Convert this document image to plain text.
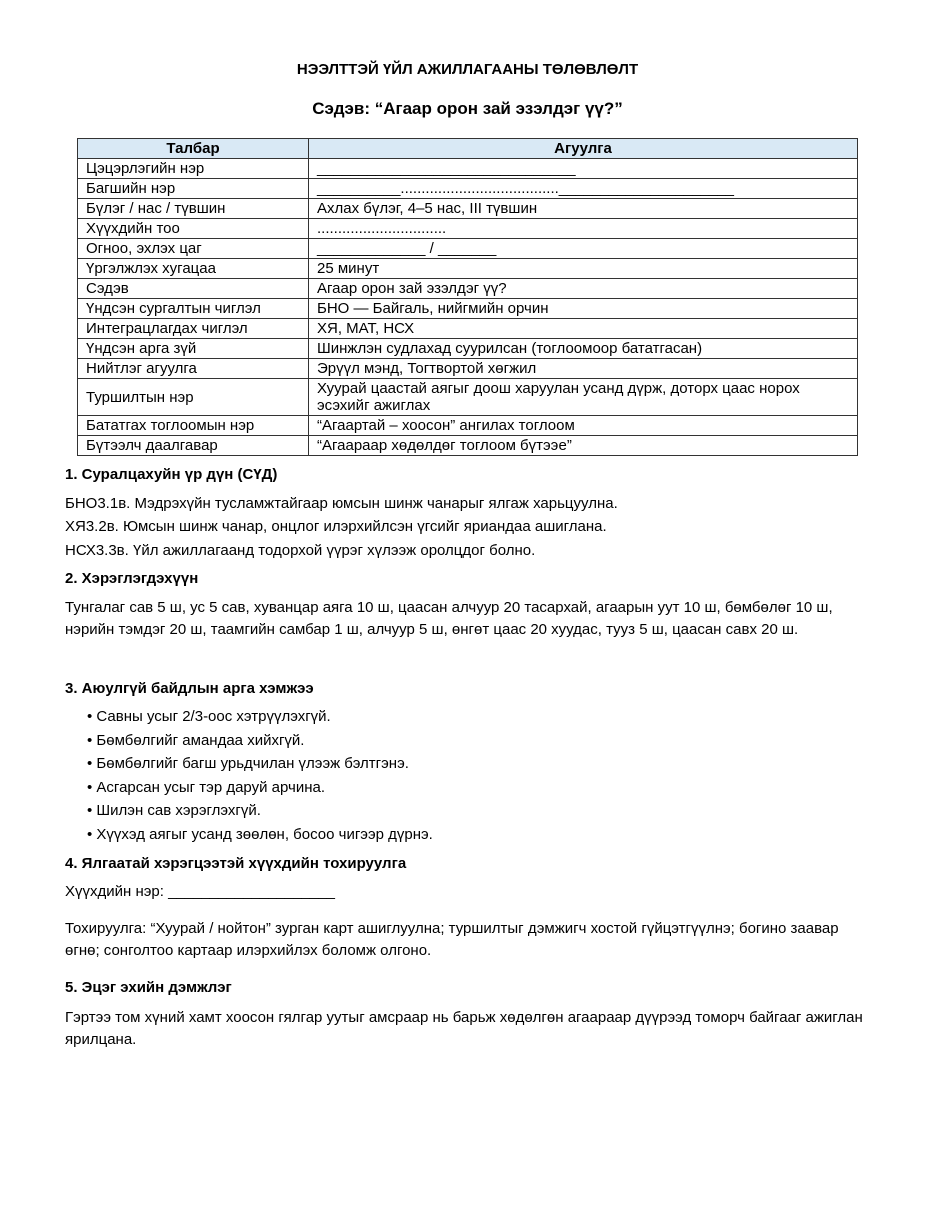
НЭЭЛТТЭЙ ҮЙЛ АЖИЛЛАГААНЫ ТӨЛӨВЛӨЛТ
Сэдэв: “Агаар орон зай эзэлдэг үү?”
Талбар	Агуулга
Цэцэрлэгийн нэр	_______________________________
Багшийн нэр	__________......................................_____________________
Бүлэг / нас / түвшин	Ахлах бүлэг, 4–5 нас, III түвшин
Хүүхдийн тоо	...............................
Огноо, эхлэх цаг	_____________ / _______
Үргэлжлэх хугацаа	25 минут
Сэдэв	Агаар орон зай эзэлдэг үү?
Үндсэн сургалтын чиглэл	БНО — Байгаль, нийгмийн орчин
Интеграцлагдах чиглэл	ХЯ, МАТ, НСХ
Үндсэн арга зүй	Шинжлэн судлахад суурилсан (тоглоомоор бататгасан)
Нийтлэг агуулга	Эрүүл мэнд, Тогтвортой хөгжил
Туршилтын нэр	Хуурай цаастай аягыг доош харуулан усанд дүрж, доторх цаас норох эсэхийг ажиглах
Бататгах тоглоомын нэр	“Агаартай – хоосон” ангилах тоглоом
Бүтээлч даалгавар	“Агаараар хөдөлдөг тоглоом бүтээе”
1. Суралцахуйн үр дүн (СҮД)
БНО3.1в. Мэдрэхүйн тусламжтайгаар юмсын шинж чанарыг ялгаж харьцуулна.
ХЯ3.2в. Юмсын шинж чанар, онцлог илэрхийлсэн үгсийг яриандаа ашиглана.
НСХ3.3в. Үйл ажиллагаанд тодорхой үүрэг хүлээж оролцдог болно.
2. Хэрэглэгдэхүүн
Тунгалаг сав 5 ш, ус 5 сав, хуванцар аяга 10 ш, цаасан алчуур 20 тасархай, агаарын уут 10 ш, бөмбөлөг 10 ш, нэрийн тэмдэг 20 ш, таамгийн самбар 1 ш, алчуур 5 ш, өнгөт цаас 20 хуудас, тууз 5 ш, цаасан савх 20 ш.
3. Аюулгүй байдлын арга хэмжээ
• Савны усыг 2/3-оос хэтрүүлэхгүй.
• Бөмбөлгийг амандаа хийхгүй.
• Бөмбөлгийг багш урьдчилан үлээж бэлтгэнэ.
• Асгарсан усыг тэр даруй арчина.
• Шилэн сав хэрэглэхгүй.
• Хүүхэд аягыг усанд зөөлөн, босоо чигээр дүрнэ.
4. Ялгаатай хэрэгцээтэй хүүхдийн тохируулга
Хүүхдийн нэр: ____________________
Тохируулга: “Хуурай / нойтон” зурган карт ашиглуулна; туршилтыг дэмжигч хостой гүйцэтгүүлнэ; богино заавар өгнө; сонголтоо картаар илэрхийлэх боломж олгоно.
5. Эцэг эхийн дэмжлэг
Гэртээ том хүний хамт хоосон гялгар уутыг амсраар нь барьж хөдөлгөн агаараар дүүрээд томорч байгааг ажиглан ярилцана.
